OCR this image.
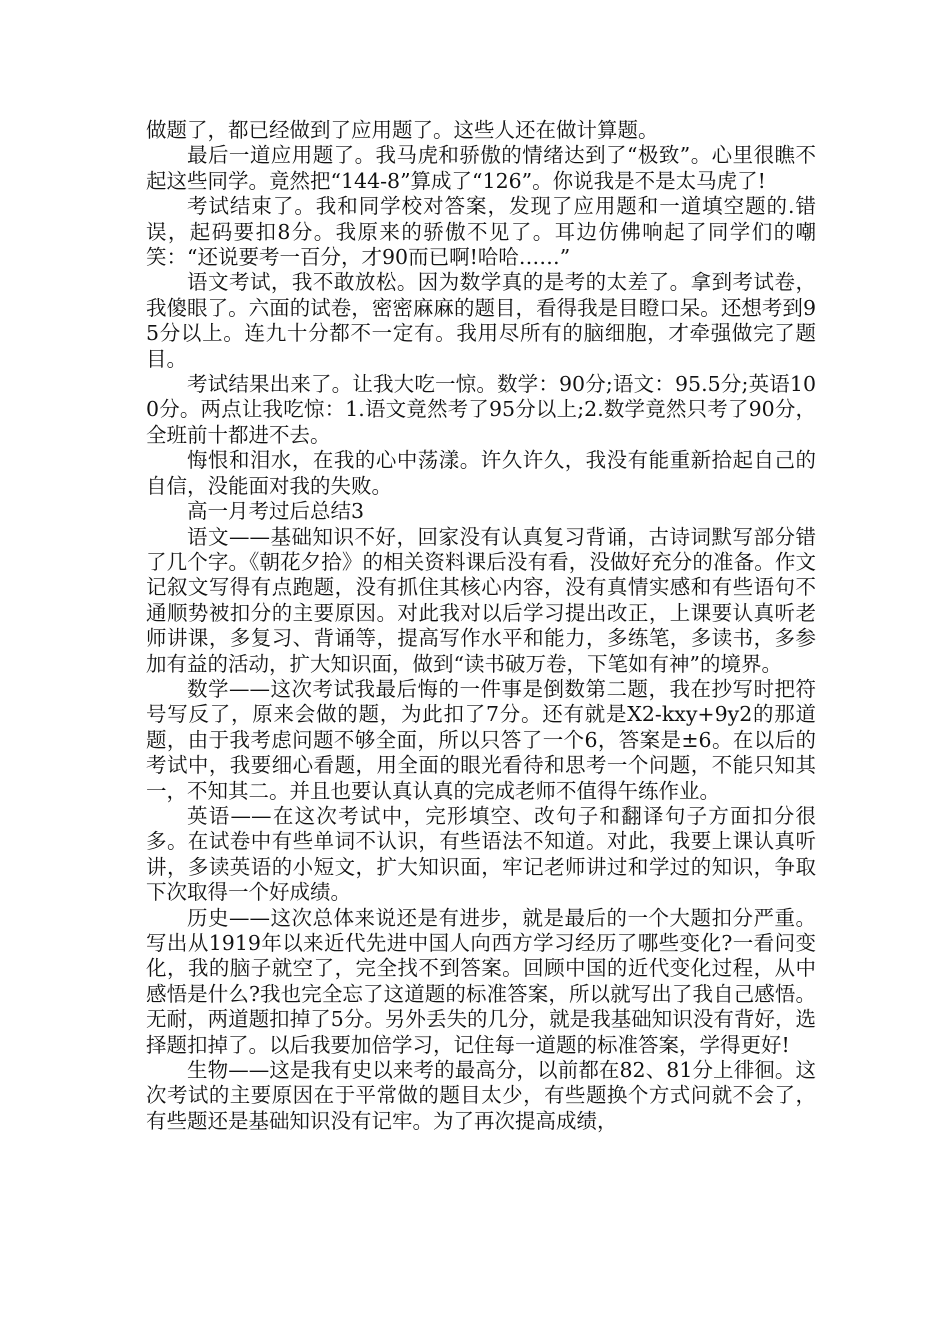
做题了，都已经做到了应用题了。这些人还在做计算题。

最后一道应用题了。我马虎和骄傲的情绪达到了“极致”。心里很瞧不起这些同学。竟然把“144-8”算成了“126”。你说我是不是太马虎了!

考试结束了。我和同学校对答案，发现了应用题和一道填空题的.错误，起码要扣8分。我原来的骄傲不见了。耳边仿佛响起了同学们的嘲笑：“还说要考一百分，才90而已啊!哈哈……”

语文考试，我不敢放松。因为数学真的是考的太差了。拿到考试卷，我傻眼了。六面的试卷，密密麻麻的题目，看得我是目瞪口呆。还想考到95分以上。连九十分都不一定有。我用尽所有的脑细胞，才牵强做完了题目。

考试结果出来了。让我大吃一惊。数学：90分;语文：95.5分;英语100分。两点让我吃惊：1.语文竟然考了95分以上;2.数学竟然只考了90分，全班前十都进不去。

悔恨和泪水，在我的心中荡漾。许久许久，我没有能重新拾起自己的自信，没能面对我的失败。

高一月考过后总结3

语文——基础知识不好，回家没有认真复习背诵，古诗词默写部分错了几个字。《朝花夕拾》的相关资料课后没有看，没做好充分的准备。作文记叙文写得有点跑题，没有抓住其核心内容，没有真情实感和有些语句不通顺势被扣分的主要原因。对此我对以后学习提出改正，上课要认真听老师讲课，多复习、背诵等，提高写作水平和能力，多练笔，多读书，多参加有益的活动，扩大知识面，做到“读书破万卷，下笔如有神”的境界。

数学——这次考试我最后悔的一件事是倒数第二题，我在抄写时把符号写反了，原来会做的题，为此扣了7分。还有就是X2-kxy+9y2的那道题，由于我考虑问题不够全面，所以只答了一个6，答案是±6。在以后的考试中，我要细心看题，用全面的眼光看待和思考一个问题，不能只知其一，不知其二。并且也要认真认真的完成老师不值得午练作业。

英语——在这次考试中，完形填空、改句子和翻译句子方面扣分很多。在试卷中有些单词不认识，有些语法不知道。对此，我要上课认真听讲，多读英语的小短文，扩大知识面，牢记老师讲过和学过的知识，争取下次取得一个好成绩。

历史——这次总体来说还是有进步，就是最后的一个大题扣分严重。写出从1919年以来近代先进中国人向西方学习经历了哪些变化?一看问变化，我的脑子就空了，完全找不到答案。回顾中国的近代变化过程，从中感悟是什么?我也完全忘了这道题的标准答案，所以就写出了我自己感悟。无耐，两道题扣掉了5分。另外丢失的几分，就是我基础知识没有背好，选择题扣掉了。以后我要加倍学习，记住每一道题的标准答案，学得更好!

生物——这是我有史以来考的最高分，以前都在82、81分上徘徊。这次考试的主要原因在于平常做的题目太少，有些题换个方式问就不会了，有些题还是基础知识没有记牢。为了再次提高成绩，
